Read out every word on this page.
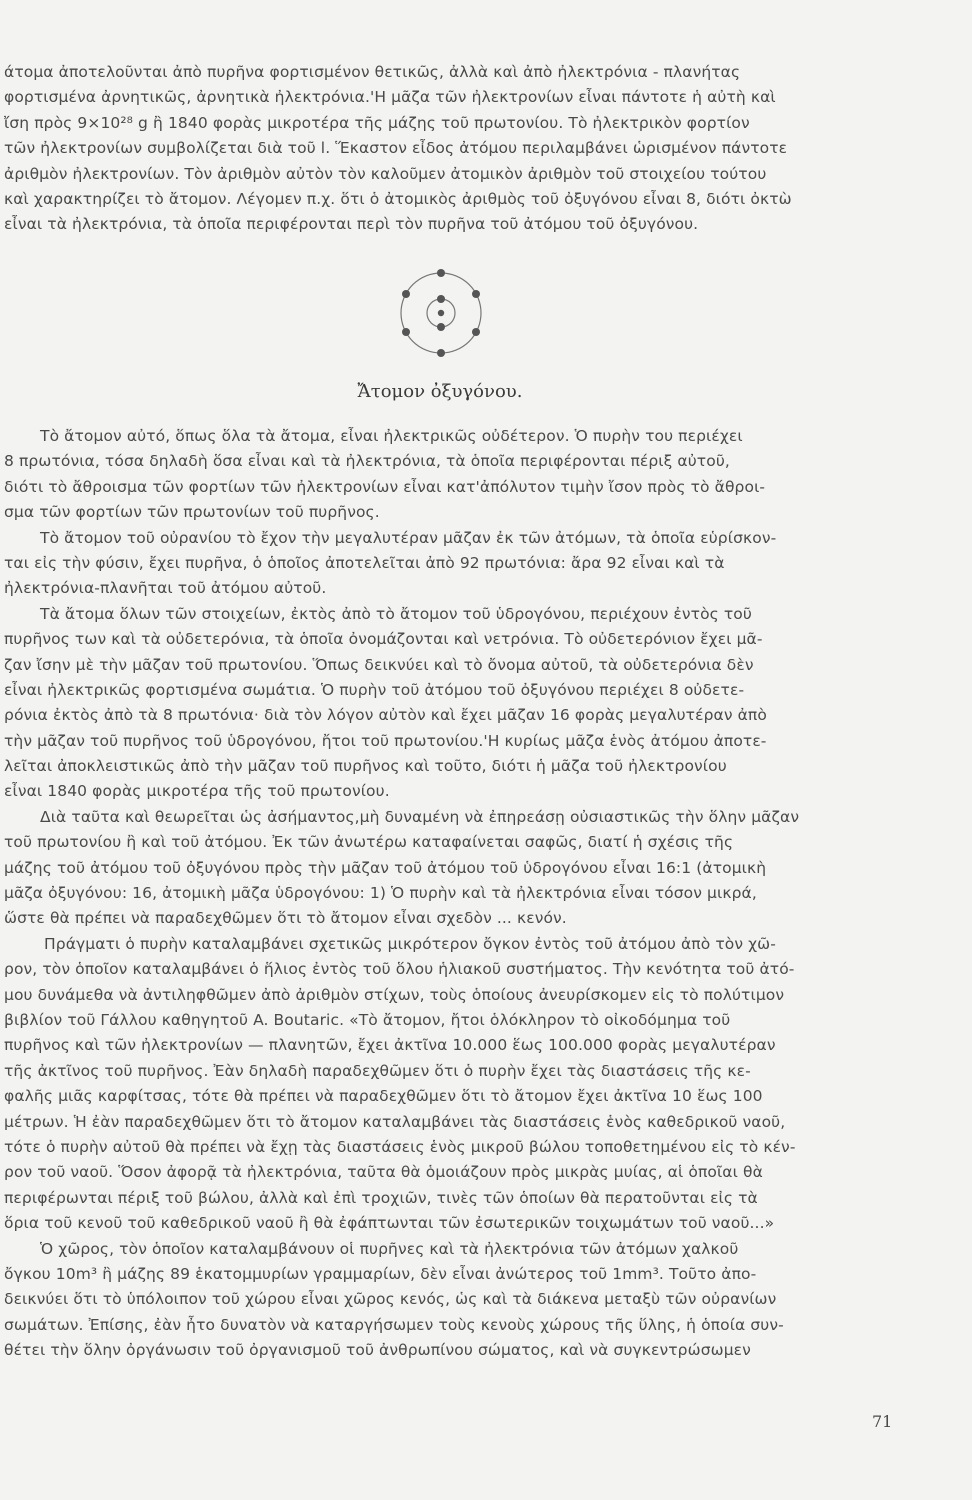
άτομα ἀποτελοῦνται ἀπὸ πυρῆνα φορτισμένον θετικῶς, ἀλλὰ καὶ ἀπὸ ἠλεκτρόνια - πλανήτας
φορτισμένα ἀρνητικῶς, ἀρνητικὰ ἠλεκτρόνια.'Η μᾶζα τῶν ἠλεκτρονίων εἶναι πάντοτε ἡ αὐτὴ καὶ
ἴση πρὸς 9×10²⁸ g ἢ 1840 φορὰς μικροτέρα τῆς μάζης τοῦ πρωτονίου. Τὸ ἠλεκτρικὸν φορτίον
τῶν ἠλεκτρονίων συμβολίζεται διὰ τοῦ l. Ἕκαστον εἶδος ἀτόμου περιλαμβάνει ὡρισμένον πάντοτε
ἀριθμὸν ἠλεκτρονίων. Τὸν ἀριθμὸν αὐτὸν τὸν καλοῦμεν ἀτομικὸν ἀριθμὸν τοῦ στοιχείου τούτου
καὶ χαρακτηρίζει τὸ ἄτομον. Λέγομεν π.χ. ὅτι ὁ ἀτομικὸς ἀριθμὸς τοῦ ὀξυγόνου εἶναι 8, διότι ὀκτὼ
εἶναι τὰ ἠλεκτρόνια, τὰ ὁποῖα περιφέρονται περὶ τὸν πυρῆνα τοῦ ἀτόμου τοῦ ὀξυγόνου.
Ἄτομον ὀξυγόνου.
Τὸ ἄτομον αὐτό, ὅπως ὅλα τὰ ἄτομα, εἶναι ἠλεκτρικῶς οὐδέτερον. Ὁ πυρὴν του περιέχει
8 πρωτόνια, τόσα δηλαδὴ ὅσα εἶναι καὶ τὰ ἠλεκτρόνια, τὰ ὁποῖα περιφέρονται πέριξ αὐτοῦ,
διότι τὸ ἄθροισμα τῶν φορτίων τῶν ἠλεκτρονίων εἶναι κατ'ἀπόλυτον τιμὴν ἴσον πρὸς τὸ ἄθροι-
σμα τῶν φορτίων τῶν πρωτονίων τοῦ πυρῆνος.
Τὸ ἄτομον τοῦ οὐρανίου τὸ ἔχον τὴν μεγαλυτέραν μᾶζαν ἐκ τῶν ἀτόμων, τὰ ὁποῖα εὑρίσκον-
ται εἰς τὴν φύσιν, ἔχει πυρῆνα, ὁ ὁποῖος ἀποτελεῖται ἀπὸ 92 πρωτόνια: ἄρα 92 εἶναι καὶ τὰ
ἠλεκτρόνια-πλανῆται τοῦ ἀτόμου αὐτοῦ.
Τὰ ἄτομα ὅλων τῶν στοιχείων, ἐκτὸς ἀπὸ τὸ ἄτομον τοῦ ὑδρογόνου, περιέχουν ἐντὸς τοῦ
πυρῆνος των καὶ τὰ οὐδετερόνια, τὰ ὁποῖα ὀνομάζονται καὶ νετρόνια. Τὸ οὐδετερόνιον ἔχει μᾶ-
ζαν ἴσην μὲ τὴν μᾶζαν τοῦ πρωτονίου. Ὅπως δεικνύει καὶ τὸ ὄνομα αὐτοῦ, τὰ οὐδετερόνια δὲν
εἶναι ἠλεκτρικῶς φορτισμένα σωμάτια. Ὁ πυρὴν τοῦ ἀτόμου τοῦ ὀξυγόνου περιέχει 8 οὐδετε-
ρόνια ἐκτὸς ἀπὸ τὰ 8 πρωτόνια· διὰ τὸν λόγον αὐτὸν καὶ ἔχει μᾶζαν 16 φορὰς μεγαλυτέραν ἀπὸ
τὴν μᾶζαν τοῦ πυρῆνος τοῦ ὑδρογόνου, ἤτοι τοῦ πρωτονίου.'Η κυρίως μᾶζα ἑνὸς ἀτόμου ἀποτε-
λεῖται ἀποκλειστικῶς ἀπὸ τὴν μᾶζαν τοῦ πυρῆνος καὶ τοῦτο, διότι ἡ μᾶζα τοῦ ἠλεκτρονίου
εἶναι 1840 φορὰς μικροτέρα τῆς τοῦ πρωτονίου.
Διὰ ταῦτα καὶ θεωρεῖται ὡς ἀσήμαντος,μὴ δυναμένη νὰ ἐπηρεάσῃ οὐσιαστικῶς τὴν ὅλην μᾶζαν
τοῦ πρωτονίου ἢ καὶ τοῦ ἀτόμου. Ἐκ τῶν ἀνωτέρω καταφαίνεται σαφῶς, διατί ἡ σχέσις τῆς
μάζης τοῦ ἀτόμου τοῦ ὀξυγόνου πρὸς τὴν μᾶζαν τοῦ ἀτόμου τοῦ ὑδρογόνου εἶναι 16:1 (ἀτομικὴ
μᾶζα ὀξυγόνου: 16, ἀτομικὴ μᾶζα ὑδρογόνου: 1) Ὁ πυρὴν καὶ τὰ ἠλεκτρόνια εἶναι τόσον μικρά,
ὥστε θὰ πρέπει νὰ παραδεχθῶμεν ὅτι τὸ ἄτομον εἶναι σχεδὸν ... κενόν.
Πράγματι ὁ πυρὴν καταλαμβάνει σχετικῶς μικρότερον ὄγκον ἐντὸς τοῦ ἀτόμου ἀπὸ τὸν χῶ-
ρον, τὸν ὁποῖον καταλαμβάνει ὁ ἥλιος ἐντὸς τοῦ ὅλου ἡλιακοῦ συστήματος. Τὴν κενότητα τοῦ ἀτό-
μου δυνάμεθα νὰ ἀντιληφθῶμεν ἀπὸ ἀριθμὸν στίχων, τοὺς ὁποίους ἀνευρίσκομεν εἰς τὸ πολύτιμον
βιβλίον τοῦ Γάλλου καθηγητοῦ A. Boutaric. «Τὸ ἄτομον, ἤτοι ὁλόκληρον τὸ οἰκοδόμημα τοῦ
πυρῆνος καὶ τῶν ἠλεκτρονίων — πλανητῶν, ἔχει ἀκτῖνα 10.000 ἕως 100.000 φορὰς μεγαλυτέραν
τῆς ἀκτῖνος τοῦ πυρῆνος. Ἐὰν δηλαδὴ παραδεχθῶμεν ὅτι ὁ πυρὴν ἔχει τὰς διαστάσεις τῆς κε-
φαλῆς μιᾶς καρφίτσας, τότε θὰ πρέπει νὰ παραδεχθῶμεν ὅτι τὸ ἄτομον ἔχει ἀκτῖνα 10 ἕως 100
μέτρων. Ἡ ἐὰν παραδεχθῶμεν ὅτι τὸ ἄτομον καταλαμβάνει τὰς διαστάσεις ἑνὸς καθεδρικοῦ ναοῦ,
τότε ὁ πυρὴν αὐτοῦ θὰ πρέπει νὰ ἔχῃ τὰς διαστάσεις ἑνὸς μικροῦ βώλου τοποθετημένου εἰς τὸ κέν-
ρον τοῦ ναοῦ. Ὅσον ἀφορᾷ τὰ ἠλεκτρόνια, ταῦτα θὰ ὁμοιάζουν πρὸς μικρὰς μυίας, αἱ ὁποῖαι θὰ
περιφέρωνται πέριξ τοῦ βώλου, ἀλλὰ καὶ ἐπὶ τροχιῶν, τινὲς τῶν ὁποίων θὰ περατοῦνται εἰς τὰ
ὅρια τοῦ κενοῦ τοῦ καθεδρικοῦ ναοῦ ἢ θὰ ἐφάπτωνται τῶν ἐσωτερικῶν τοιχωμάτων τοῦ ναοῦ...»
Ὁ χῶρος, τὸν ὁποῖον καταλαμβάνουν οἱ πυρῆνες καὶ τὰ ἠλεκτρόνια τῶν ἀτόμων χαλκοῦ
ὄγκου 10m³ ἢ μάζης 89 ἑκατομμυρίων γραμμαρίων, δὲν εἶναι ἀνώτερος τοῦ 1mm³. Τοῦτο ἀπο-
δεικνύει ὅτι τὸ ὑπόλοιπον τοῦ χώρου εἶναι χῶρος κενός, ὡς καὶ τὰ διάκενα μεταξὺ τῶν οὐρανίων
σωμάτων. Ἐπίσης, ἐὰν ἦτο δυνατὸν νὰ καταργήσωμεν τοὺς κενοὺς χώρους τῆς ὕλης, ἡ ὁποία συν-
θέτει τὴν ὅλην ὀργάνωσιν τοῦ ὀργανισμοῦ τοῦ ἀνθρωπίνου σώματος, καὶ νὰ συγκεντρώσωμεν
71
